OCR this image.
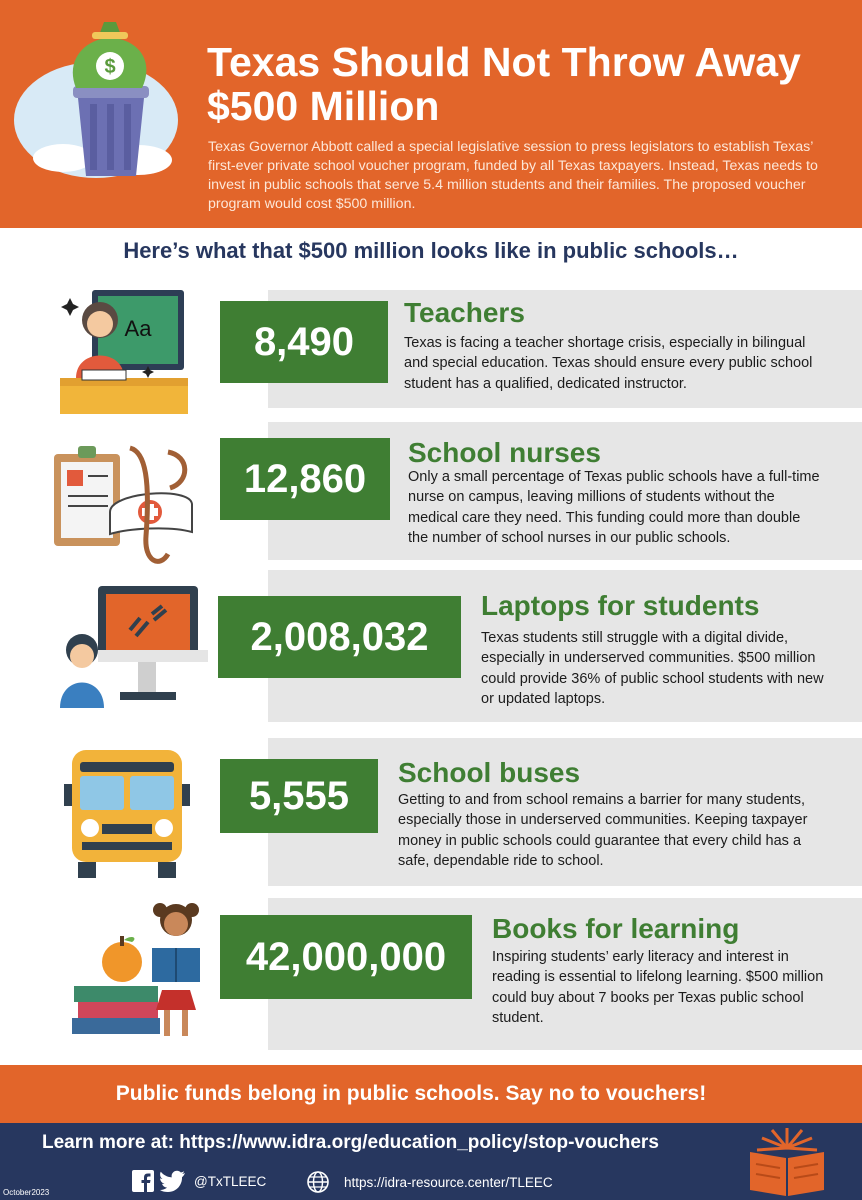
$ Texas Should Not Throw Away $500 Million
Texas Governor Abbott called a special legislative session to press legislators to establish Texas’ first-ever private school voucher program, funded by all Texas taxpayers. Instead, Texas needs to invest in public schools that serve 5.4 million students and their families. The proposed voucher program would cost $500 million.
Here’s what that $500 million looks like in public schools…
Aa	8,490
Teachers
Texas is facing a teacher shortage crisis, especially in bilingual and special education. Texas should ensure every public school student has a qualified, dedicated instructor.
12,860
School nurses
Only a small percentage of Texas public schools have a full-time nurse on campus, leaving millions of students without the medical care they need. This funding could more than double the number of school nurses in our public schools.
2,008,032
Laptops for students
Texas students still struggle with a digital divide, especially in underserved communities. $500 million could provide 36% of public school students with new or updated laptops.
5,555
School buses
Getting to and from school remains a barrier for many students, especially those in underserved communities. Keeping taxpayer money in public schools could guarantee that every child has a safe, dependable ride to school.
42,000,000
Books for learning
Inspiring students’ early literacy and interest in reading is essential to lifelong learning. $500 million could buy about 7 books per Texas public school student.
Public funds belong in public schools. Say no to vouchers!
Learn more at: https://www.idra.org/education_policy/stop-vouchers
@TxTLEEC	https://idra-resource.center/TLEEC
October2023
